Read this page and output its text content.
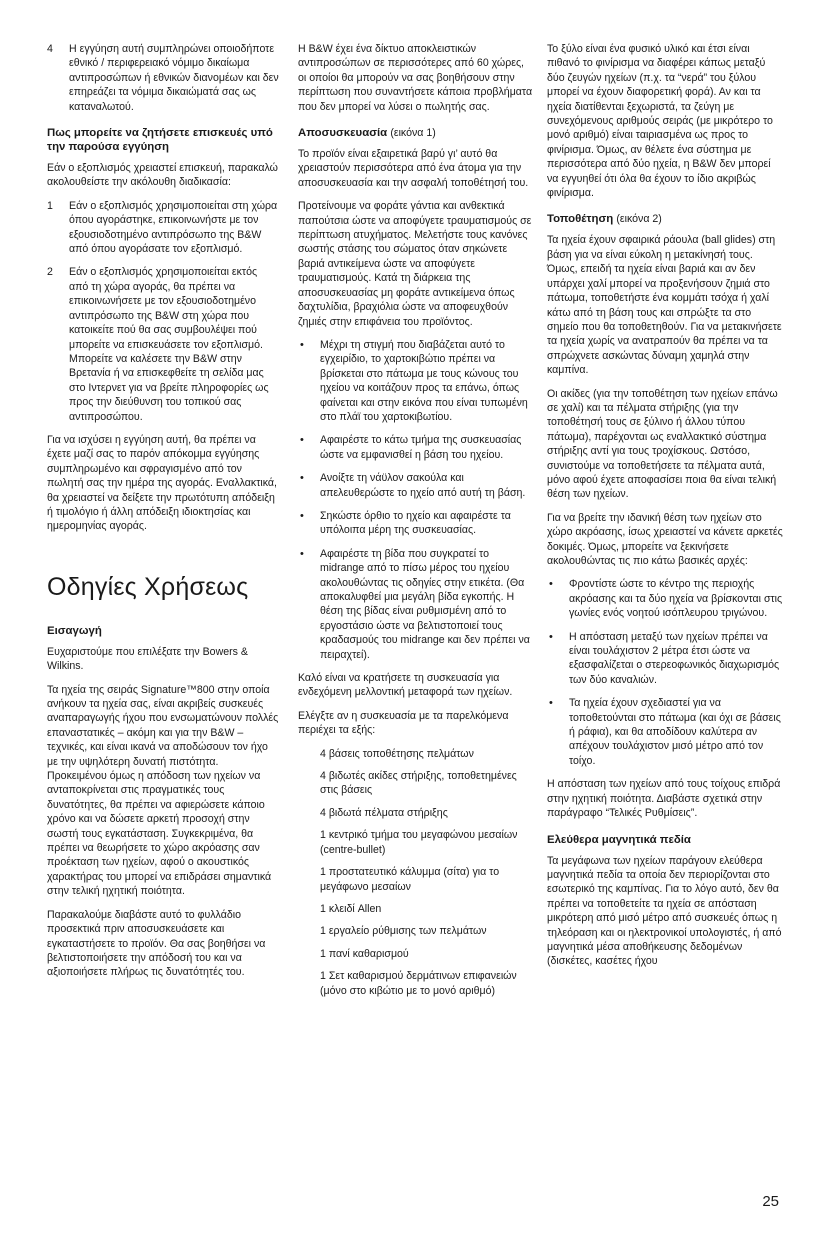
4 Η εγγύηση αυτή συμπληρώνει οποιοδήποτε εθνικό / περιφερειακό νόμιμο δικαίωμα αντιπροσώπων ή εθνικών διανομέων και δεν επηρεάζει τα νόμιμα δικαιώματά σας ως καταναλωτού.
Πως μπορείτε να ζητήσετε επισκευές υπό την παρούσα εγγύηση

Εάν ο εξοπλισμός χρειαστεί επισκευή, παρακαλώ ακολουθείστε την ακόλουθη διαδικασία:

1 Εάν ο εξοπλισμός χρησιμοποιείται στη χώρα όπου αγοράστηκε, επικοινωνήστε με τον εξουσιοδοτημένο αντιπρόσωπο της B&W από όπου αγοράσατε τον εξοπλισμό.
2 Εάν ο εξοπλισμός χρησιμοποιείται εκτός από τη χώρα αγοράς, θα πρέπει να επικοινωνήσετε με τον εξουσιοδοτημένο αντιπρόσωπο της B&W στη χώρα που κατοικείτε πού θα σας συμβουλέψει πού μπορείτε να επισκευάσετε τον εξοπλισμό. Μπορείτε να καλέσετε την B&W στην Βρετανία ή να επισκεφθείτε τη σελίδα μας στο Ιντερνετ για να βρείτε πληροφορίες ως προς την διεύθυνση του τοπικού σας αντιπροσώπου.

Για να ισχύσει η εγγύηση αυτή, θα πρέπει να έχετε μαζί σας το παρόν απόκομμα εγγύησης συμπληρωμένο και σφραγισμένο από τον πωλητή σας την ημέρα της αγοράς. Εναλλακτικά, θα χρειαστεί να δείξετε την πρωτότυπη απόδειξη ή τιμολόγιο ή άλλη απόδειξη ιδιοκτησίας και ημερομηνίας αγοράς.

Οδηγίες Χρήσεως
Εισαγωγή

Ευχαριστούμε που επιλέξατε την Bowers & Wilkins.

Τα ηχεία της σειράς Signature™800 στην οποία ανήκουν τα ηχεία σας, είναι ακριβείς συσκευές αναπαραγωγής ήχου που ενσωματώνουν πολλές επαναστατικές – ακόμη και για την B&W – τεχνικές, και είναι ικανά να αποδώσουν τον ήχο με την υψηλότερη δυνατή πιστότητα. Προκειμένου όμως η απόδοση των ηχείων να ανταποκρίνεται στις πραγματικές τους δυνατότητες, θα πρέπει να αφιερώσετε κάποιο χρόνο και να δώσετε αρκετή προσοχή στην σωστή τους εγκατάσταση. Συγκεκριμένα, θα πρέπει να θεωρήσετε το χώρο ακρόασης σαν προέκταση των ηχείων, αφού ο ακουστικός χαρακτήρας του μπορεί να επιδράσει σημαντικά στην τελική ηχητική ποιότητα.

Παρακαλούμε διαβάστε αυτό το φυλλάδιο προσεκτικά πριν αποσυσκευάσετε και εγκαταστήσετε το προϊόν. Θα σας βοηθήσει να βελτιστοποιήσετε την απόδοσή του και να αξιοποιήσετε πλήρως τις δυνατότητές του.

Η B&W έχει ένα δίκτυο αποκλειστικών αντιπροσώπων σε περισσότερες από 60 χώρες, οι οποίοι θα μπορούν να σας βοηθήσουν στην περίπτωση που συναντήσετε κάποια προβλήματα που δεν μπορεί να λύσει ο πωλητής σας.

Αποσυσκευασία (εικόνα 1)

Το προϊόν είναι εξαιρετικά βαρύ γι’ αυτό θα χρειαστούν περισσότερα από ένα άτομα για την αποσυσκευασία και την ασφαλή τοποθέτησή του.

Προτείνουμε να φοράτε γάντια και ανθεκτικά παπούτσια ώστε να αποφύγετε τραυματισμούς σε περίπτωση ατυχήματος. Μελετήστε τους κανόνες σωστής στάσης του σώματος όταν σηκώνετε βαριά αντικείμενα ώστε να αποφύγετε τραυματισμούς. Κατά τη διάρκεια της αποσυσκευασίας μη φοράτε αντικείμενα όπως δαχτυλίδια, βραχιόλια ώστε να αποφευχθούν ζημιές στην επιφάνεια του προϊόντος.

• Μέχρι τη στιγμή που διαβάζεται αυτό το εγχειρίδιο, το χαρτοκιβώτιο πρέπει να βρίσκεται στο πάτωμα με τους κώνους του ηχείου να κοιτάζουν προς τα επάνω, όπως φαίνεται και στην εικόνα που είναι τυπωμένη στο πλάϊ του χαρτοκιβωτίου.
• Αφαιρέστε το κάτω τμήμα της συσκευασίας ώστε να εμφανισθεί η βάση του ηχείου.
• Ανοίξτε τη νάϋλον σακούλα και απελευθερώστε το ηχείο από αυτή τη βάση.
• Σηκώστε όρθιο το ηχείο και αφαιρέστε τα υπόλοιπα μέρη της συσκευασίας.
• Αφαιρέστε τη βίδα που συγκρατεί το midrange από το πίσω μέρος του ηχείου ακολουθώντας τις οδηγίες στην ετικέτα. (Θα αποκαλυφθεί μια μεγάλη βίδα εγκοπής. Η θέση της βίδας είναι ρυθμισμένη από το εργοστάσιο ώστε να βελτιστοποιεί τους κραδασμούς του midrange και δεν πρέπει να πειραχτεί).

Καλό είναι να κρατήσετε τη συσκευασία για ενδεχόμενη μελλοντική μεταφορά των ηχείων.

Ελέγξτε αν η συσκευασία με τα παρελκόμενα περιέχει τα εξής:

4 βάσεις τοποθέτησης πελμάτων

4 βιδωτές ακίδες στήριξης, τοποθετημένες στις βάσεις

4 βιδωτά πέλματα στήριξης

1 κεντρικό τμήμα του μεγαφώνου μεσαίων (centre-bullet)

1 προστατευτικό κάλυμμα (σίτα) για το μεγάφωνο μεσαίων

1 κλειδί Allen

1 εργαλείο ρύθμισης των πελμάτων

1 πανί καθαρισμού

1 Σετ καθαρισμού δερμάτινων επιφανειών (μόνο στο κιβώτιο με το μονό αριθμό)

Το ξύλο είναι ένα φυσικό υλικό και έτσι είναι πιθανό το φινίρισμα να διαφέρει κάπως μεταξύ δύο ζευγών ηχείων (π.χ. τα “νερά” του ξύλου μπορεί να έχουν διαφορετική φορά). Αν και τα ηχεία διατίθενται ξεχωριστά, τα ζεύγη με συνεχόμενους αριθμούς σειράς (με μικρότερο το μονό αριθμό) είναι ταιριασμένα ως προς το φινίρισμα. Όμως, αν θέλετε ένα σύστημα με περισσότερα από δύο ηχεία, η B&W δεν μπορεί να εγγυηθεί ότι όλα θα έχουν το ίδιο ακριβώς φινίρισμα.

Τοποθέτηση (εικόνα 2)

Τα ηχεία έχουν σφαιρικά ράουλα (ball glides) στη βάση για να είναι εύκολη η μετακίνησή τους. Όμως, επειδή τα ηχεία είναι βαριά και αν δεν υπάρχει χαλί μπορεί να προξενήσουν ζημιά στο πάτωμα, τοποθετήστε ένα κομμάτι τσόχα ή χαλί κάτω από τη βάση τους και σπρώξτε τα στο σημείο που θα τοποθετηθούν. Για να μετακινήσετε τα ηχεία χωρίς να ανατραπούν θα πρέπει να τα σπρώχνετε ασκώντας δύναμη χαμηλά στην καμπίνα.

Οι ακίδες (για την τοποθέτηση των ηχείων επάνω σε χαλί) και τα πέλματα στήριξης (για την τοποθέτησή τους σε ξύλινο ή άλλου τύπου πάτωμα), παρέχονται ως εναλλακτικό σύστημα στήριξης αντί για τους τροχίσκους. Ωστόσο, συνιστούμε να τοποθετήσετε τα πέλματα αυτά, μόνο αφού έχετε αποφασίσει ποια θα είναι τελική θέση των ηχείων.

Για να βρείτε την ιδανική θέση των ηχείων στο χώρο ακρόασης, ίσως χρειαστεί να κάνετε αρκετές δοκιμές. Όμως, μπορείτε να ξεκινήσετε ακολουθώντας τις πιο κάτω βασικές αρχές:

• Φροντίστε ώστε το κέντρο της περιοχής ακρόασης και τα δύο ηχεία να βρίσκονται στις γωνίες ενός νοητού ισόπλευρου τριγώνου.
• Η απόσταση μεταξύ των ηχείων πρέπει να είναι τουλάχιστον 2 μέτρα έτσι ώστε να εξασφαλίζεται ο στερεοφωνικός διαχωρισμός των δύο καναλιών.
• Τα ηχεία έχουν σχεδιαστεί για να τοποθετούνται στο πάτωμα (και όχι σε βάσεις ή ράφια), και θα αποδίδουν καλύτερα αν απέχουν τουλάχιστον μισό μέτρο από τον τοίχο.

Η απόσταση των ηχείων από τους τοίχους επιδρά στην ηχητική ποιότητα. Διαβάστε σχετικά στην παράγραφο “Τελικές Ρυθμίσεις”.

Ελεύθερα μαγνητικά πεδία

Τα μεγάφωνα των ηχείων παράγουν ελεύθερα μαγνητικά πεδία τα οποία δεν περιορίζονται στο εσωτερικό της καμπίνας. Για το λόγο αυτό, δεν θα πρέπει να τοποθετείτε τα ηχεία σε απόσταση μικρότερη από μισό μέτρο από συσκευές όπως η τηλεόραση και οι ηλεκτρονικοί υπολογιστές, ή από μαγνητικά μέσα αποθήκευσης δεδομένων (δισκέτες, κασέτες ήχου

25
